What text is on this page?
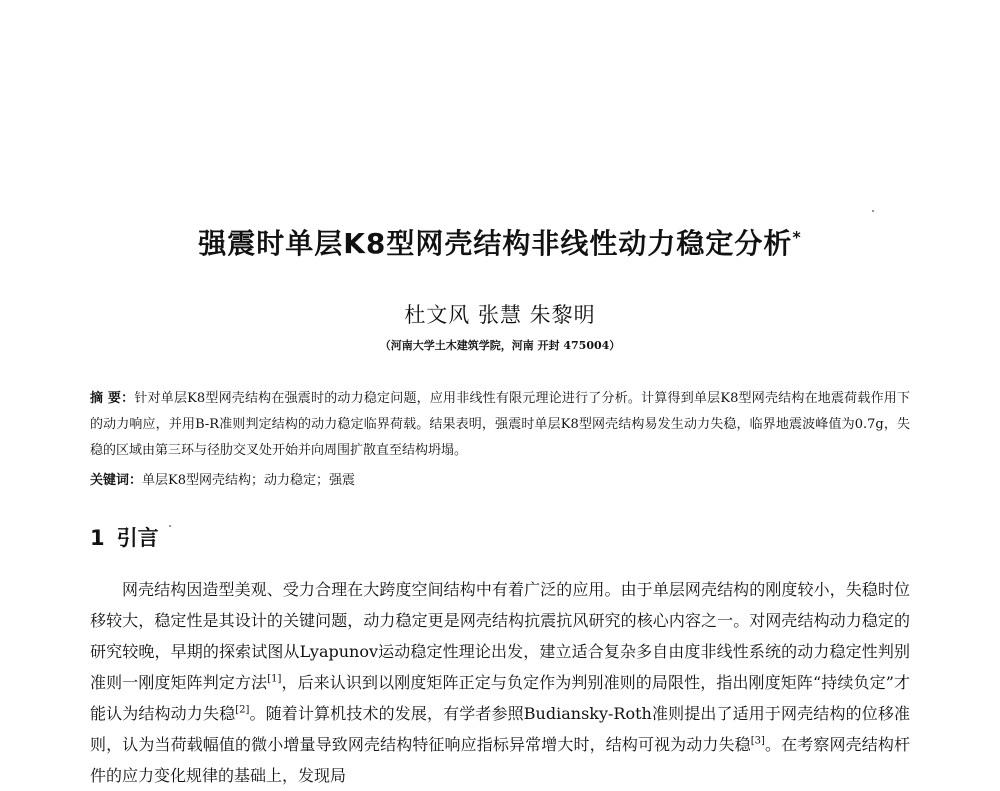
强震时单层K8型网壳结构非线性动力稳定分析*
杜文风 张慧 朱黎明
（河南大学土木建筑学院，河南 开封 475004）
摘 要：针对单层K8型网壳结构在强震时的动力稳定问题，应用非线性有限元理论进行了分析。计算得到单层K8型网壳结构在地震荷载作用下的动力响应，并用B-R准则判定结构的动力稳定临界荷载。结果表明，强震时单层K8型网壳结构易发生动力失稳，临界地震波峰值为0.7g，失稳的区域由第三环与径肋交叉处开始并向周围扩散直至结构坍塌。
关键词：单层K8型网壳结构；动力稳定；强震
1 引言
网壳结构因造型美观、受力合理在大跨度空间结构中有着广泛的应用。由于单层网壳结构的刚度较小，失稳时位移较大，稳定性是其设计的关键问题，动力稳定更是网壳结构抗震抗风研究的核心内容之一。对网壳结构动力稳定的研究较晚，早期的探索试图从Lyapunov运动稳定性理论出发，建立适合复杂多自由度非线性系统的动力稳定性判别准则一刚度矩阵判定方法[1]，后来认识到以刚度矩阵正定与负定作为判别准则的局限性，指出刚度矩阵“持续负定”才能认为结构动力失稳[2]。随着计算机技术的发展，有学者参照Budiansky-Roth准则提出了适用于网壳结构的位移准则，认为当荷载幅值的微小增量导致网壳结构特征响应指标异常增大时，结构可视为动力失稳[3]。在考察网壳结构杆件的应力变化规律的基础上，发现局
